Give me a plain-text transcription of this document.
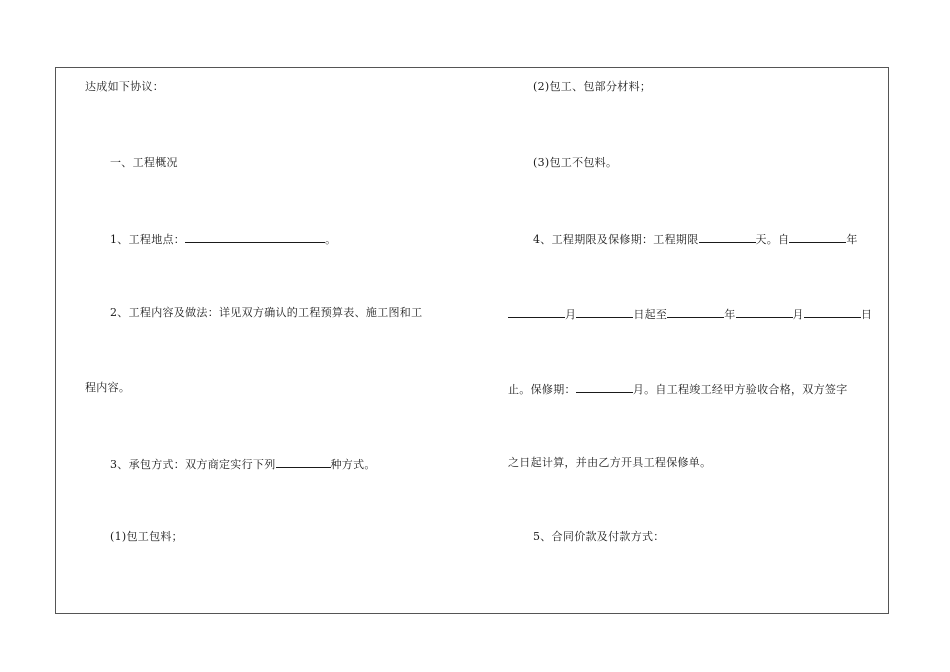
达成如下协议：
一、工程概况
1、工程地点：	。
2、工程内容及做法：详见双方确认的工程预算表、施工图和工
程内容。
3、承包方式：双方商定实行下列	种方式。
(1)包工包料；
(2)包工、包部分材料；
(3)包工不包料。
4、工程期限及保修期：工程期限	天。自	年
月	日起至	年	月	日
止。保修期：	月。自工程竣工经甲方验收合格，双方签字
之日起计算，并由乙方开具工程保修单。
5、合同价款及付款方式：
